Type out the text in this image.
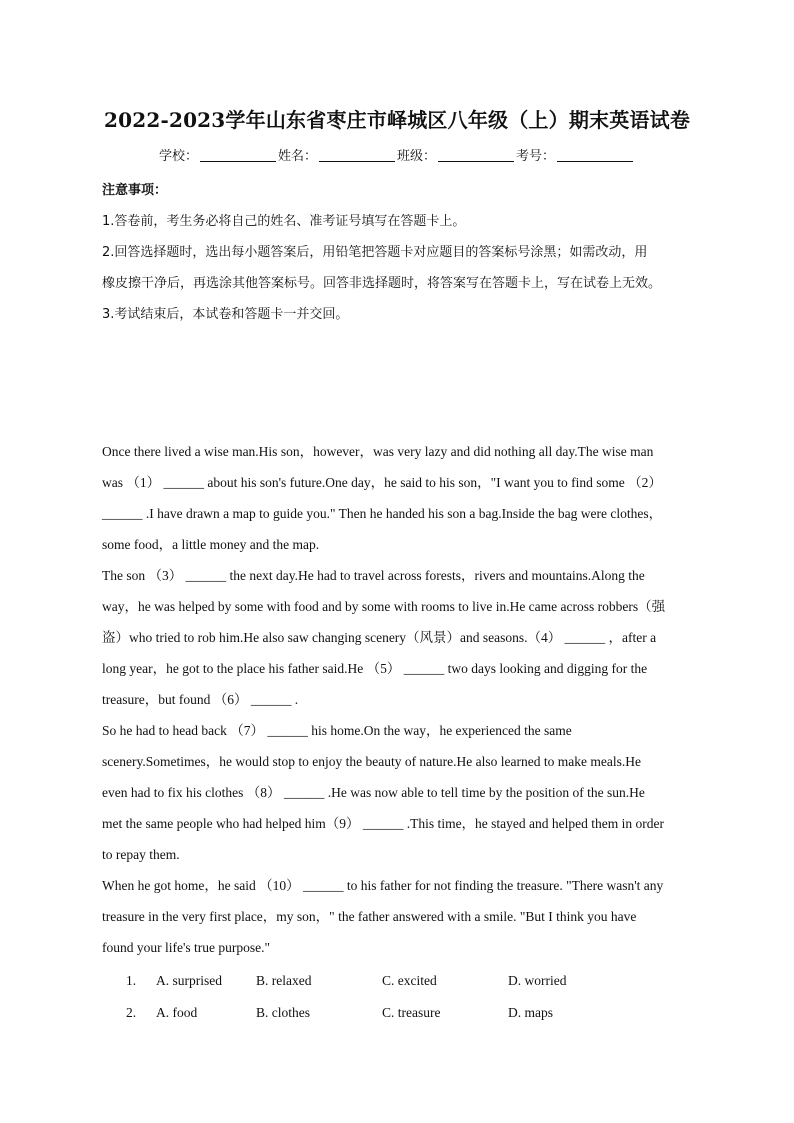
2022-2023学年山东省枣庄市峄城区八年级（上）期末英语试卷
学校：	姓名：	班级：	考号：
注意事项：
1.答卷前，考生务必将自己的姓名、准考证号填写在答题卡上。
2.回答选择题时，选出每小题答案后，用铅笔把答题卡对应题目的答案标号涂黑；如需改动，用
橡皮擦干净后，再选涂其他答案标号。回答非选择题时，将答案写在答题卡上，写在试卷上无效。
3.考试结束后，本试卷和答题卡一并交回。
Once there lived a wise man.His son，however，was very lazy and did nothing all day.The wise man
was （1） ______ about his son's future.One day，he said to his son，"I want you to find some （2）
______ .I have drawn a map to guide you." Then he handed his son a bag.Inside the bag were clothes，
some food，a little money and the map.
The son （3） ______ the next day.He had to travel across forests，rivers and mountains.Along the
way，he was helped by some with food and by some with rooms to live in.He came across robbers（强
盗）who tried to rob him.He also saw changing scenery（风景）and seasons.（4） ______ ，after a
long year，he got to the place his father said.He （5） ______ two days looking and digging for the
treasure，but found （6） ______ .
So he had to head back （7） ______ his home.On the way，he experienced the same
scenery.Sometimes，he would stop to enjoy the beauty of nature.He also learned to make meals.He
even had to fix his clothes （8） ______ .He was now able to tell time by the position of the sun.He
met the same people who had helped him（9） ______ .This time，he stayed and helped them in order
to repay them.
When he got home，he said （10） ______ to his father for not finding the treasure. "There wasn't any
treasure in the very first place，my son，" the father answered with a smile. "But I think you have
found your life's true purpose."
1. A. surprised	B. relaxed	C. excited	D. worried
2. A. food	B. clothes	C. treasure	D. maps
